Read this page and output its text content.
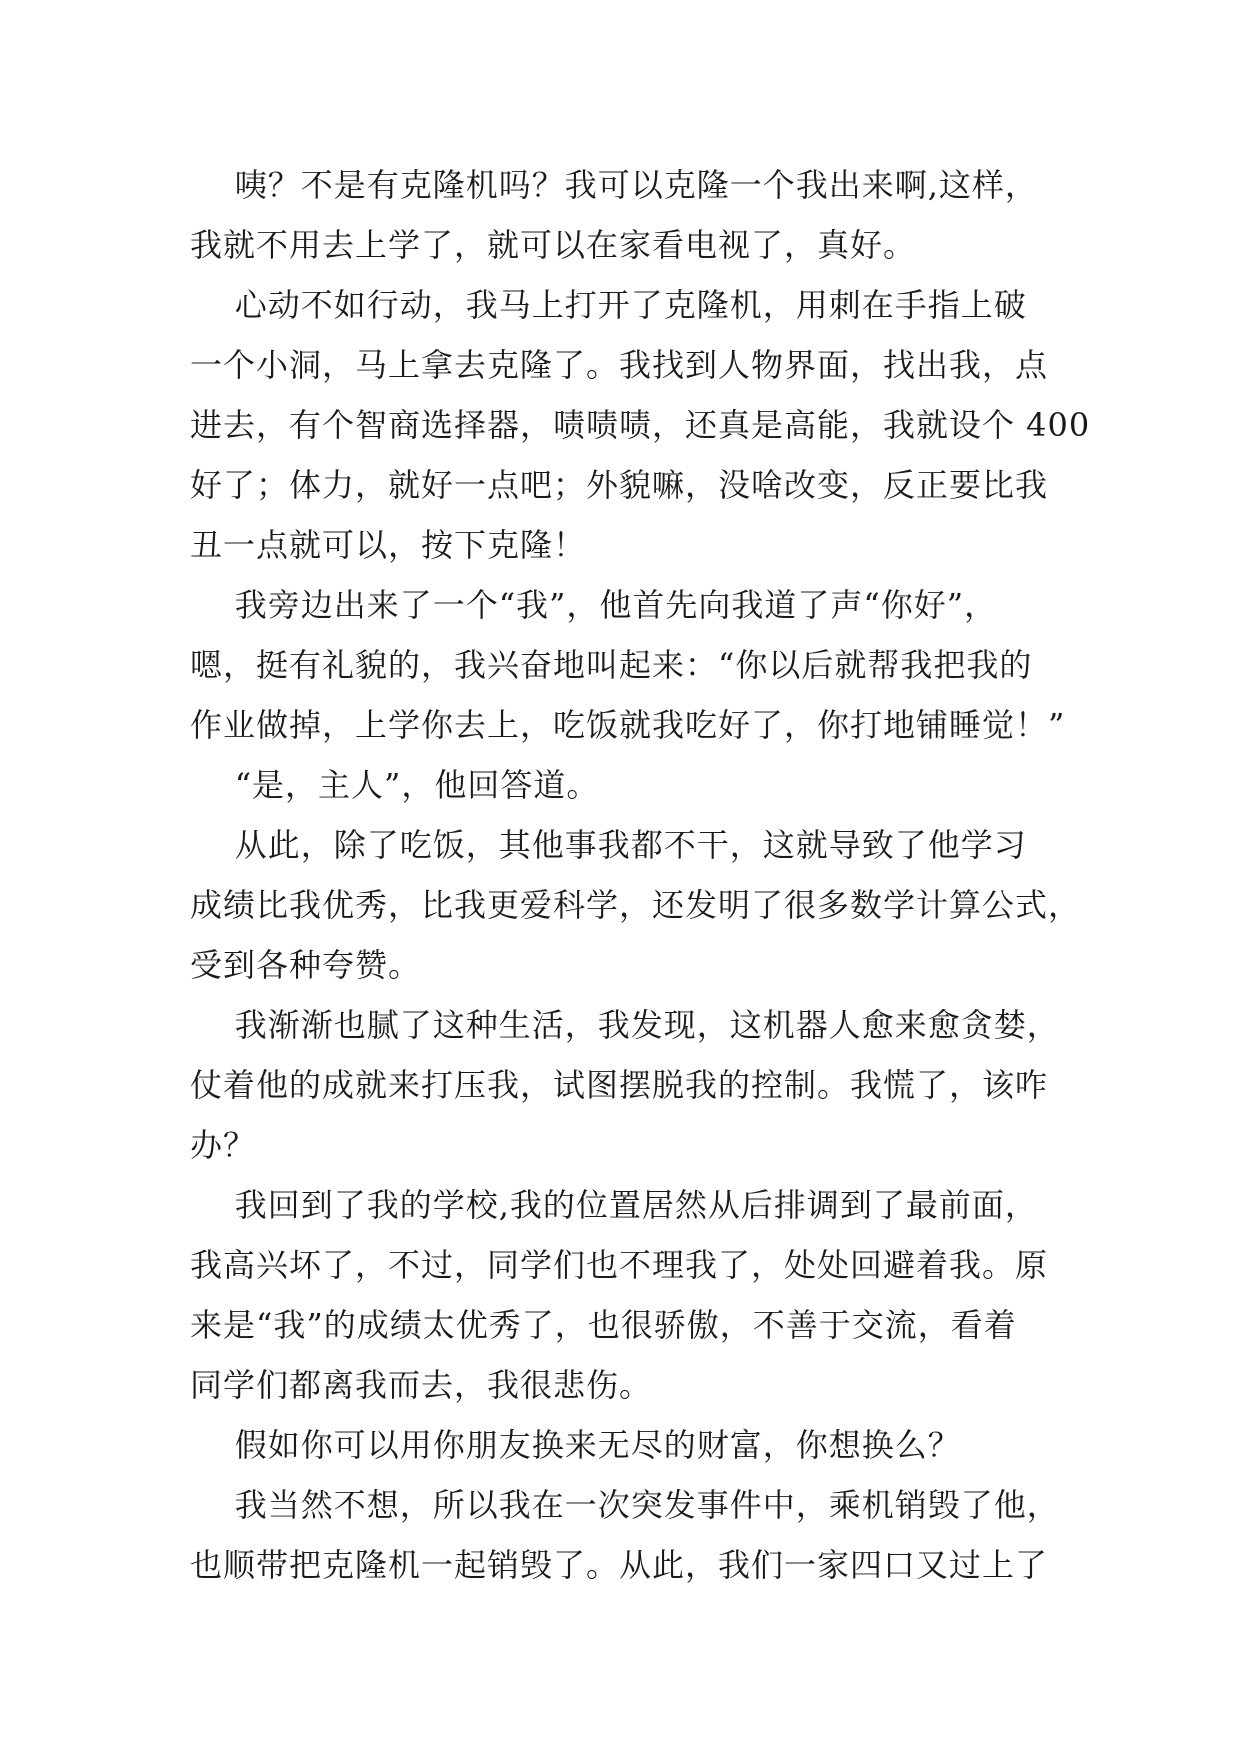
咦？不是有克隆机吗？我可以克隆一个我出来啊,这样，
我就不用去上学了，就可以在家看电视了，真好。
心动不如行动，我马上打开了克隆机，用刺在手指上破
一个小洞，马上拿去克隆了。我找到人物界面，找出我，点
进去，有个智商选择器，啧啧啧，还真是高能，我就设个 400
好了；体力，就好一点吧；外貌嘛，没啥改变，反正要比我
丑一点就可以，按下克隆！
我旁边出来了一个“我”，他首先向我道了声“你好”，
嗯，挺有礼貌的，我兴奋地叫起来：“你以后就帮我把我的
作业做掉，上学你去上，吃饭就我吃好了，你打地铺睡觉！”
“是，主人”，他回答道。
从此，除了吃饭，其他事我都不干，这就导致了他学习
成绩比我优秀，比我更爱科学，还发明了很多数学计算公式，
受到各种夸赞。
我渐渐也腻了这种生活，我发现，这机器人愈来愈贪婪，
仗着他的成就来打压我，试图摆脱我的控制。我慌了，该咋
办？
我回到了我的学校,我的位置居然从后排调到了最前面，
我高兴坏了，不过，同学们也不理我了，处处回避着我。原
来是“我”的成绩太优秀了，也很骄傲，不善于交流，看着
同学们都离我而去，我很悲伤。
假如你可以用你朋友换来无尽的财富，你想换么？
我当然不想，所以我在一次突发事件中，乘机销毁了他，
也顺带把克隆机一起销毁了。从此，我们一家四口又过上了
